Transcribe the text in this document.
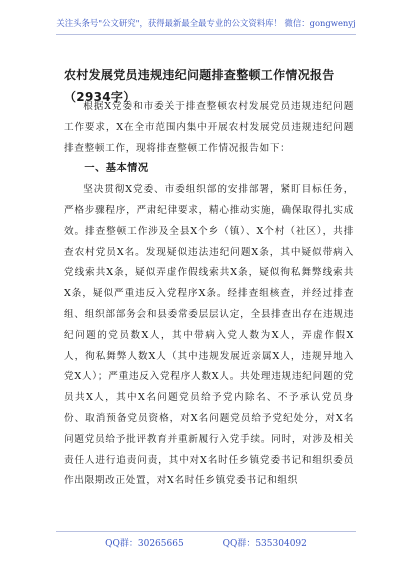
关注头条号"公文研究"，获得最新最全最专业的公文资料库！ 微信：gongwenyj
农村发展党员违规违纪问题排查整顿工作情况报告（2934字）

根据X党委和市委关于排查整顿农村发展党员违规违纪问题工作要求，X在全市范围内集中开展农村发展党员违规违纪问题排查整顿工作，现将排查整顿工作情况报告如下：

一、基本情况

坚决贯彻X党委、市委组织部的安排部署，紧盯目标任务，严格步骤程序，严肃纪律要求，精心推动实施，确保取得扎实成效。排查整顿工作涉及全县X个乡（镇）、X个村（社区），共排查农村党员X名。发现疑似违法违纪问题X条，其中疑似带病入党线索共X条，疑似弄虚作假线索共X条，疑似徇私舞弊线索共X条，疑似严重违反入党程序X条。经排查组核查，并经过排查组、组织部部务会和县委常委层层认定，全县排查出存在违规违纪问题的党员数X人，其中带病入党人数为X人，弄虚作假X人，徇私舞弊人数X人（其中违规发展近亲属X人，违规异地入党X人）；严重违反入党程序人数X人。共处理违规违纪问题的党员共X人，其中X名问题党员给予党内除名、不予承认党员身份、取消预备党员资格，对X名问题党员给予党纪处分，对X名问题党员给予批评教育并重新履行入党手续。同时，对涉及相关责任人进行追责问责，其中对X名时任乡镇党委书记和组织委员作出限期改正处置，对X名时任乡镇党委书记和组织

QQ群：30265665	QQ群：535304092
